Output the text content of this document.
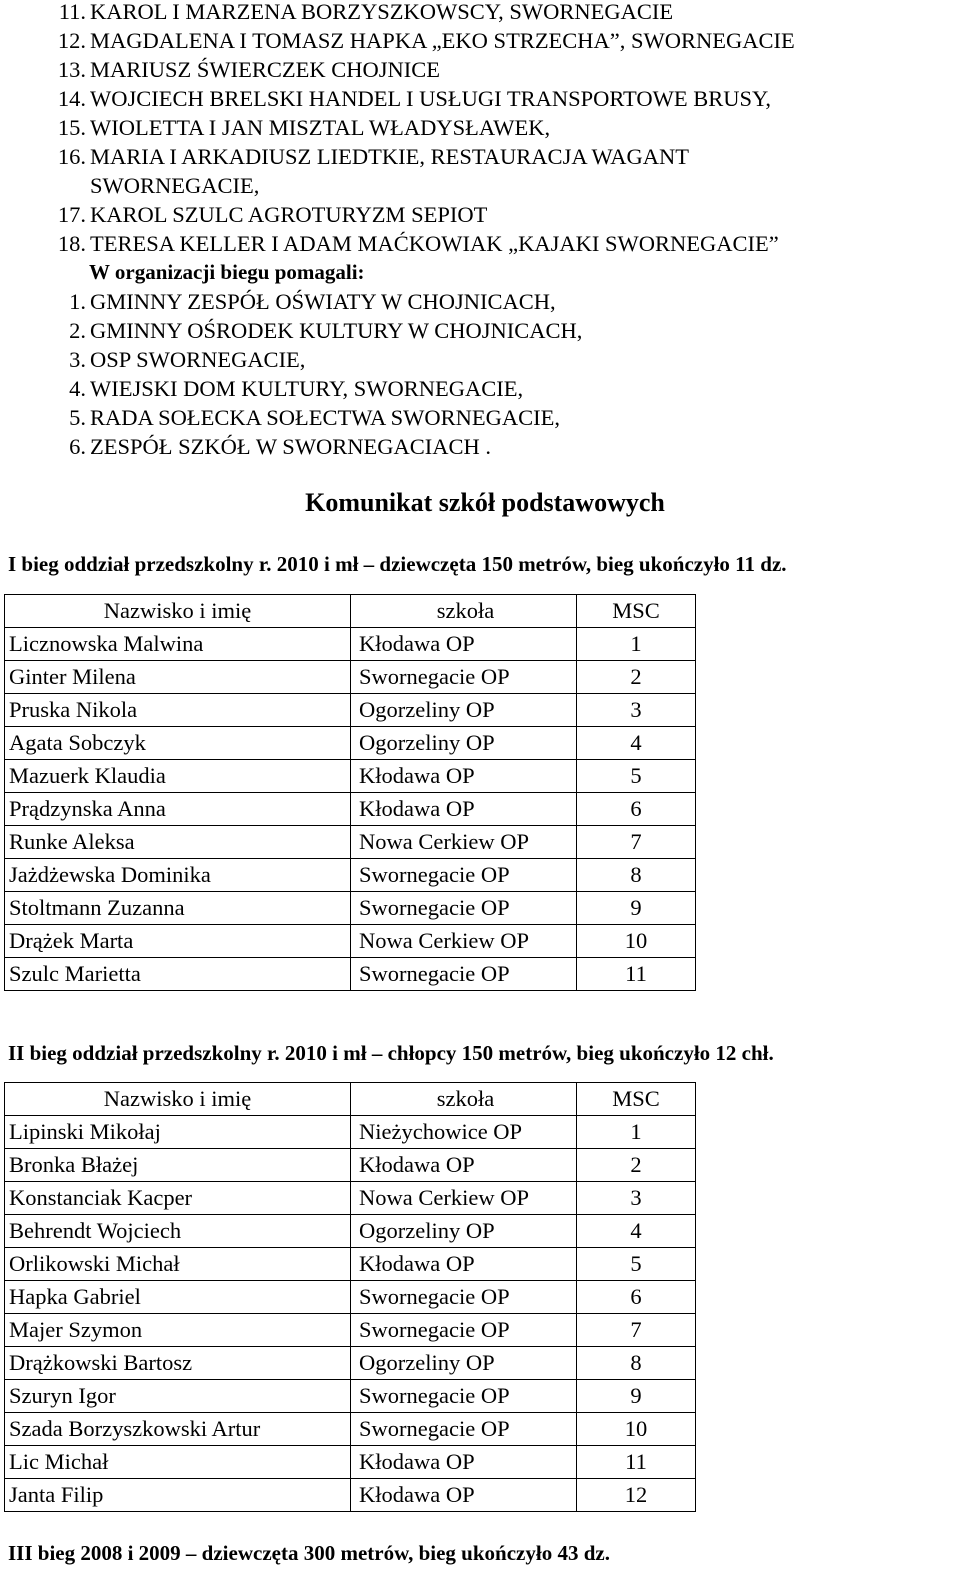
11. KAROL I MARZENA BORZYSZKOWSCY, SWORNEGACIE
12. MAGDALENA I TOMASZ HAPKA „EKO STRZECHA”, SWORNEGACIE
13. MARIUSZ ŚWIERCZEK CHOJNICE
14. WOJCIECH BRELSKI HANDEL I USŁUGI TRANSPORTOWE BRUSY,
15. WIOLETTA I JAN MISZTAL WŁADYSŁAWEK,
16. MARIA I ARKADIUSZ LIEDTKIE, RESTAURACJA WAGANT
SWORNEGACIE,
17. KAROL SZULC AGROTURYZM SEPIOT
18. TERESA KELLER I ADAM MAĆKOWIAK „KAJAKI SWORNEGACIE”
W organizacji biegu pomagali:
1. GMINNY ZESPÓŁ OŚWIATY W CHOJNICACH,
2. GMINNY OŚRODEK KULTURY W CHOJNICACH,
3. OSP SWORNEGACIE,
4. WIEJSKI DOM KULTURY, SWORNEGACIE,
5. RADA SOŁECKA SOŁECTWA SWORNEGACIE,
6. ZESPÓŁ SZKÓŁ W SWORNEGACIACH .
Komunikat szkół podstawowych
I bieg oddział przedszkolny r. 2010 i mł – dziewczęta 150 metrów, bieg ukończyło 11 dz.
Nazwisko i imię	szkoła	MSC
Licznowska Malwina	Kłodawa OP	1
Ginter Milena	Swornegacie OP	2
Pruska Nikola	Ogorzeliny OP	3
Agata Sobczyk	Ogorzeliny OP	4
Mazuerk Klaudia	Kłodawa OP	5
Prądzynska Anna	Kłodawa OP	6
Runke Aleksa	Nowa Cerkiew OP	7
Jażdżewska Dominika	Swornegacie OP	8
Stoltmann Zuzanna	Swornegacie OP	9
Drążek Marta	Nowa Cerkiew OP	10
Szulc Marietta	Swornegacie OP	11
II bieg oddział przedszkolny r. 2010 i mł – chłopcy 150 metrów, bieg ukończyło 12 chł.
Nazwisko i imię	szkoła	MSC
Lipinski Mikołaj	Nieżychowice OP	1
Bronka Błażej	Kłodawa OP	2
Konstanciak Kacper	Nowa Cerkiew OP	3
Behrendt Wojciech	Ogorzeliny OP	4
Orlikowski Michał	Kłodawa OP	5
Hapka Gabriel	Swornegacie OP	6
Majer Szymon	Swornegacie OP	7
Drążkowski Bartosz	Ogorzeliny OP	8
Szuryn Igor	Swornegacie OP	9
Szada Borzyszkowski Artur	Swornegacie OP	10
Lic Michał	Kłodawa OP	11
Janta Filip	Kłodawa OP	12
III bieg 2008 i 2009 – dziewczęta 300 metrów, bieg ukończyło 43 dz.
